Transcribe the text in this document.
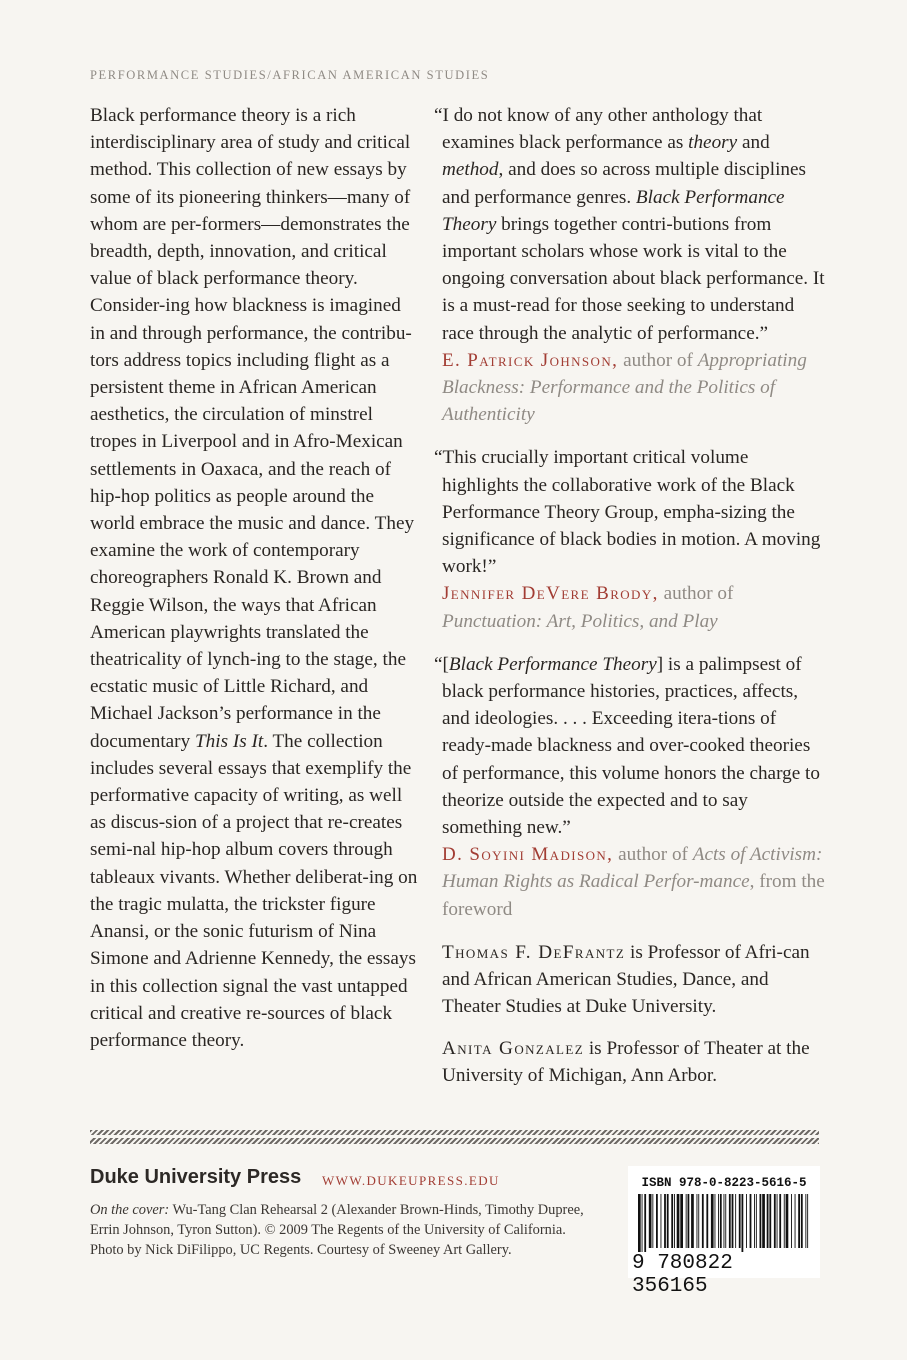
PERFORMANCE STUDIES/AFRICAN AMERICAN STUDIES

Black performance theory is a rich interdisciplinary area of study and critical method. This collection of new essays by some of its pioneering thinkers—many of whom are per-formers—demonstrates the breadth, depth, innovation, and critical value of black performance theory. Consider-ing how blackness is imagined in and through performance, the contribu-tors address topics including flight as a persistent theme in African American aesthetics, the circulation of minstrel tropes in Liverpool and in Afro-Mexican settlements in Oaxaca, and the reach of hip-hop politics as people around the world embrace the music and dance. They examine the work of contemporary choreographers Ronald K. Brown and Reggie Wilson, the ways that African American playwrights translated the theatricality of lynch-ing to the stage, the ecstatic music of Little Richard, and Michael Jackson’s performance in the documentary This Is It. The collection includes several essays that exemplify the performative capacity of writing, as well as discus-sion of a project that re-creates semi-nal hip-hop album covers through tableaux vivants. Whether deliberat-ing on the tragic mulatta, the trickster figure Anansi, or the sonic futurism of Nina Simone and Adrienne Kennedy, the essays in this collection signal the vast untapped critical and creative re-sources of black performance theory.

“I do not know of any other anthology that examines black performance as theory and method, and does so across multiple disciplines and performance genres. Black Performance Theory brings together contri-butions from important scholars whose work is vital to the ongoing conversation about black performance. It is a must-read for those seeking to understand race through the analytic of performance.”

E. Patrick Johnson, author of Appropriating Blackness: Performance and the Politics of Authenticity

“This crucially important critical volume highlights the collaborative work of the Black Performance Theory Group, empha-sizing the significance of black bodies in motion. A moving work!”

Jennifer DeVere Brody, author of
Punctuation: Art, Politics, and Play

“[Black Performance Theory] is a palimpsest of black performance histories, practices, affects, and ideologies. . . . Exceeding itera-tions of ready-made blackness and over-cooked theories of performance, this volume honors the charge to theorize outside the expected and to say something new.”

D. Soyini Madison, author of Acts of Activism: Human Rights as Radical Perfor-mance, from the foreword

Thomas F. DeFrantz is Professor of Afri-can and African American Studies, Dance, and Theater Studies at Duke University.

Anita Gonzalez is Professor of Theater at the University of Michigan, Ann Arbor.

Duke University Press WWW.DUKEUPRESS.EDU

On the cover: Wu-Tang Clan Rehearsal 2 (Alexander Brown-Hinds, Timothy Dupree, Errin Johnson, Tyron Sutton). © 2009 The Regents of the University of California. Photo by Nick DiFilippo, UC Regents. Courtesy of Sweeney Art Gallery.

ISBN 978-0-8223-5616-5
9 780822 356165
